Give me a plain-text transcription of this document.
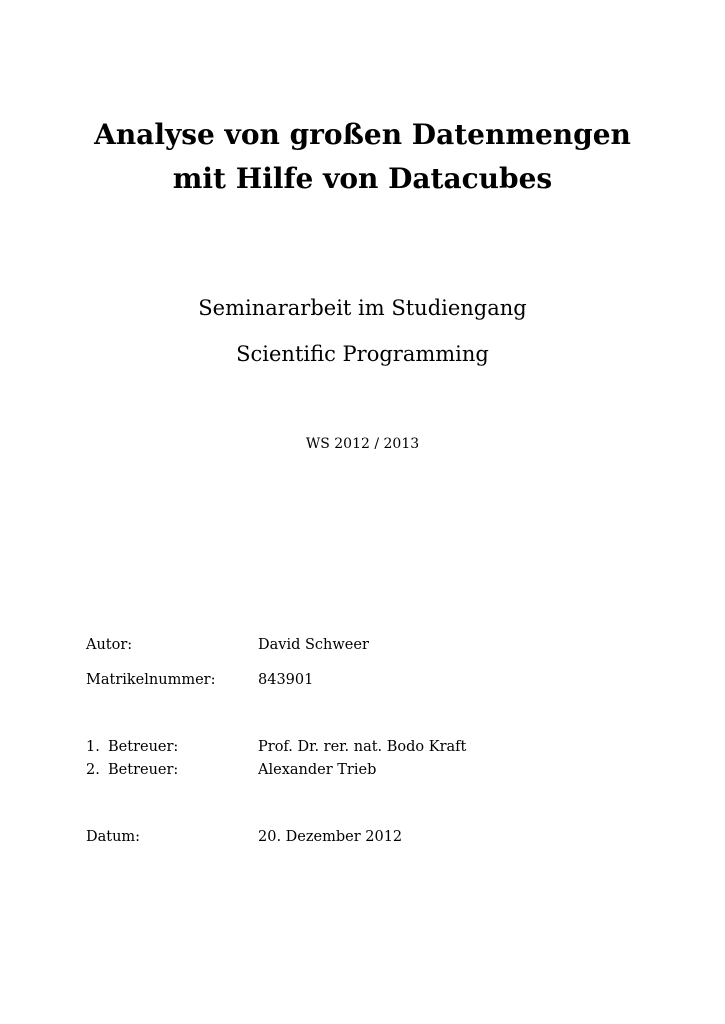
Analyse von großen Datenmengen
mit Hilfe von Datacubes
Seminararbeit im Studiengang
Scientific Programming
WS 2012 / 2013
Autor:	David Schweer
Matrikelnummer:	843901
1. Betreuer:	Prof. Dr. rer. nat. Bodo Kraft
2. Betreuer:	Alexander Trieb
Datum:	20. Dezember 2012
